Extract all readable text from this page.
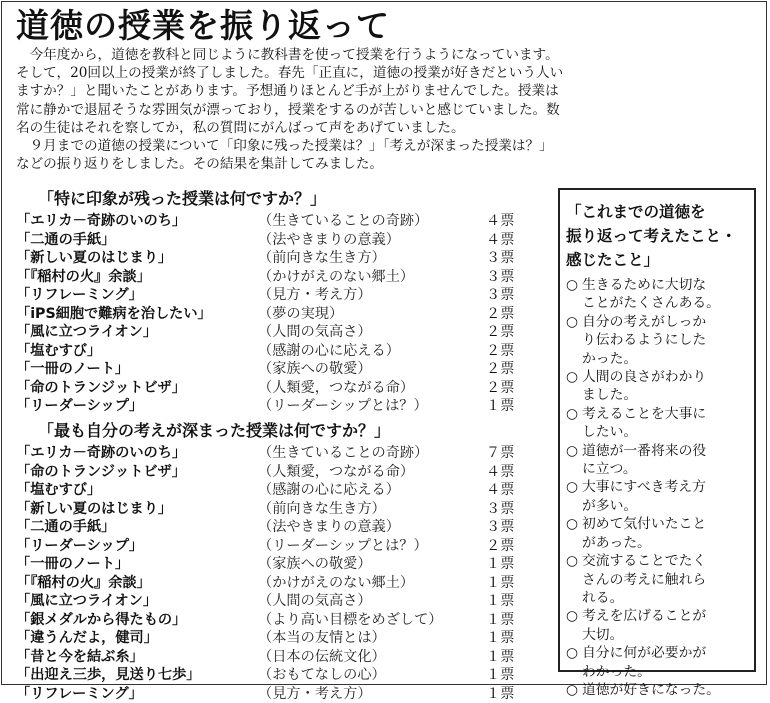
道徳の授業を振り返って
　今年度から，道徳を教科と同じように教科書を使って授業を行うようになっています。
そして，20回以上の授業が終了しました。春先「正直に，道徳の授業が好きだという人い
ますか？」と聞いたことがあります。予想通りほとんど手が上がりませんでした。授業は
常に静かで退屈そうな雰囲気が漂っており，授業をするのが苦しいと感じていました。数
名の生徒はそれを察してか，私の質問にがんばって声をあげていました。
　９月までの道徳の授業について「印象に残った授業は？」「考えが深まった授業は？」
などの振り返りをしました。その結果を集計してみました。
「特に印象が残った授業は何ですか？」
「エリカ－奇跡のいのち」	（生きていることの奇跡）	４票
「二通の手紙」	（法やきまりの意義）	４票
「新しい夏のはじまり」	（前向きな生き方）	３票
「『稲村の火』余談」	（かけがえのない郷土）	３票
「リフレーミング」	（見方・考え方）	３票
「iPS細胞で難病を治したい」	（夢の実現）	２票
「風に立つライオン」	（人間の気高さ）	２票
「塩むすび」	（感謝の心に応える）	２票
「一冊のノート」	（家族への敬愛）	２票
「命のトランジットビザ」	（人類愛，つながる命）	２票
「リーダーシップ」	（リーダーシップとは？）	１票
「最も自分の考えが深まった授業は何ですか？」
「エリカ－奇跡のいのち」	（生きていることの奇跡）	７票
「命のトランジットビザ」	（人類愛，つながる命）	４票
「塩むすび」	（感謝の心に応える）	４票
「新しい夏のはじまり」	（前向きな生き方）	３票
「二通の手紙」	（法やきまりの意義）	３票
「リーダーシップ」	（リーダーシップとは？）	２票
「一冊のノート」	（家族への敬愛）	１票
「『稲村の火』余談」	（かけがえのない郷土）	１票
「風に立つライオン」	（人間の気高さ）	１票
「銀メダルから得たもの」	（より高い目標をめざして）	１票
「違うんだよ，健司」	（本当の友情とは）	１票
「昔と今を結ぶ糸」	（日本の伝統文化）	１票
「出迎え三歩，見送り七歩」	（おもてなしの心）	１票
「リフレーミング」	（見方・考え方）	１票
「これまでの道徳を
振り返って考えたこと・
感じたこと」
○ 生きるために大切な
ことがたくさんある。
○ 自分の考えがしっか
り伝わるようにした
かった。
○ 人間の良さがわかり
ました。
○ 考えることを大事に
したい。
○ 道徳が一番将来の役
に立つ。
○ 大事にすべき考え方
が多い。
○ 初めて気付いたこと
があった。
○ 交流することでたく
さんの考えに触れら
れる。
○ 考えを広げることが
大切。
○ 自分に何が必要かが
わかった。
○ 道徳が好きになった。
